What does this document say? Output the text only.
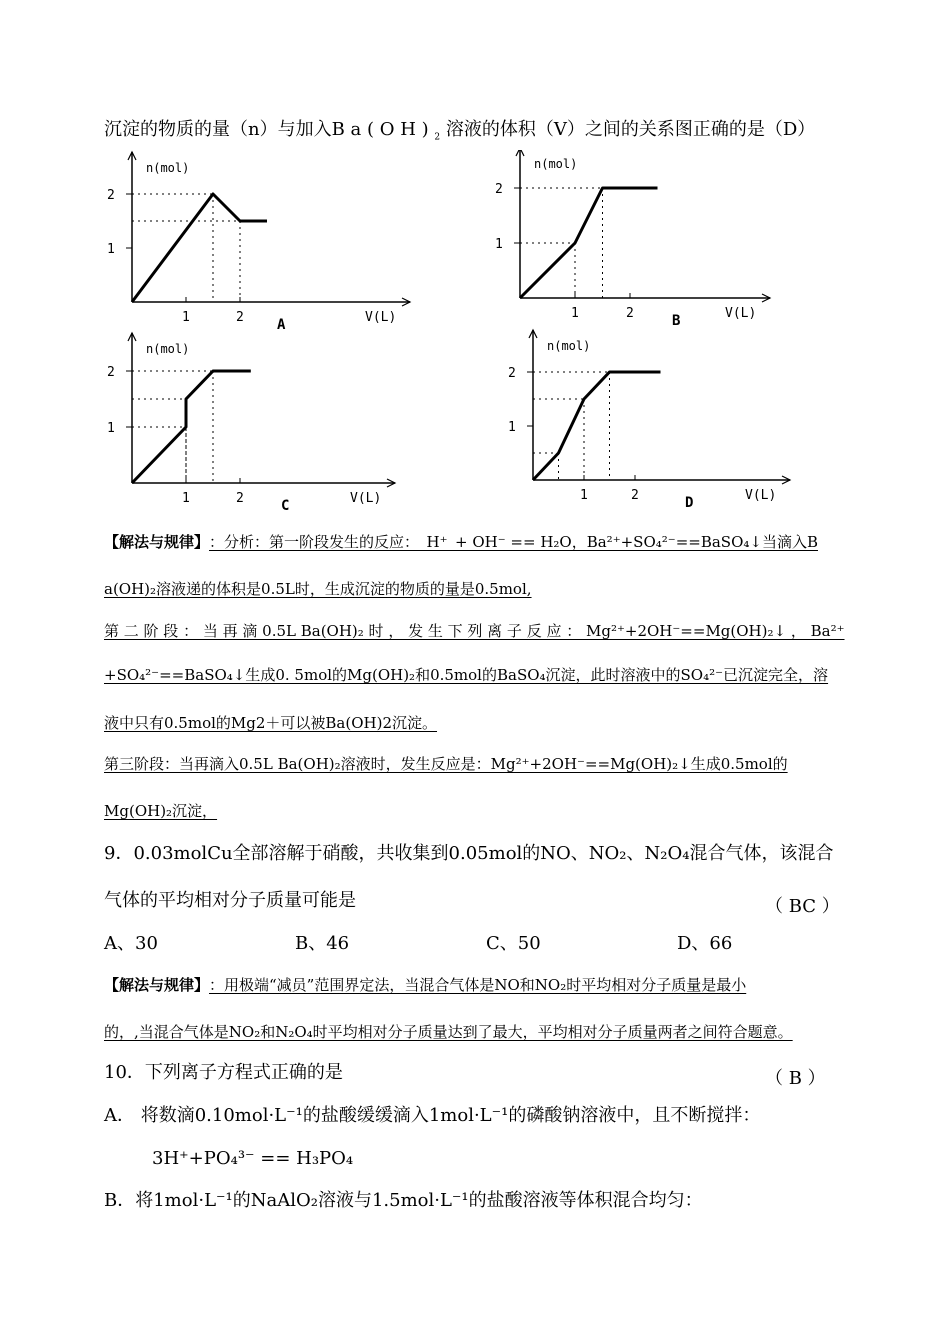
沉淀的物质的量（n）与加入B a ( O H ) $_2$ 溶液的体积（V）之间的关系图正确的是（D）
1
1
2
2
n(mol)
V(L)
A
1
1
2
2
n(mol)
V(L)
B
1
1
2
2
n(mol)
V(L)
C
1
1
2
2
n(mol)
V(L)
D
【解法与规律】：分析：第一阶段发生的反应：_H⁺_+ OH⁻ == H₂O，Ba²⁺+SO₄²⁻==BaSO₄↓当滴入B
a(OH)₂溶液递的体积是0.5L时，生成沉淀的物质的量是0.5mol,
第 二 阶 段 ： 当 再 滴 0.5L Ba(OH)₂ 时 ， 发 生 下 列 离 子 反 应 ： Mg²⁺+2OH⁻==Mg(OH)₂↓ ， Ba²⁺
+SO₄²⁻==BaSO₄↓生成0. 5mol的Mg(OH)₂和0.5mol的BaSO₄沉淀，此时溶液中的SO₄²⁻已沉淀完全，溶
液中只有0.5mol的Mg2＋可以被Ba(OH)2沉淀。
第三阶段：当再滴入0.5L Ba(OH)₂溶液时，发生反应是：Mg²⁺+2OH⁻==Mg(OH)₂↓生成0.5mol的
Mg(OH)₂沉淀，
9．0.03molCu全部溶解于硝酸，共收集到0.05mol的NO、NO₂、N₂O₄混合气体，该混合
气体的平均相对分子质量可能是	（ BC ）
A、30	B、46	C、50	D、66
【解法与规律】：用极端“减员”范围界定法，当混合气体是NO和NO₂时平均相对分子质量是最小
的，,当混合气体是NO₂和N₂O₄时平均相对分子质量达到了最大，平均相对分子质量两者之间符合题意。
10．下列离子方程式正确的是	（ B ）
A． 将数滴0.10mol·L⁻¹的盐酸缓缓滴入1mol·L⁻¹的磷酸钠溶液中，且不断搅拌：
3H⁺+PO₄³⁻ == H₃PO₄
B．将1mol·L⁻¹的NaAlO₂溶液与1.5mol·L⁻¹的盐酸溶液等体积混合均匀：
